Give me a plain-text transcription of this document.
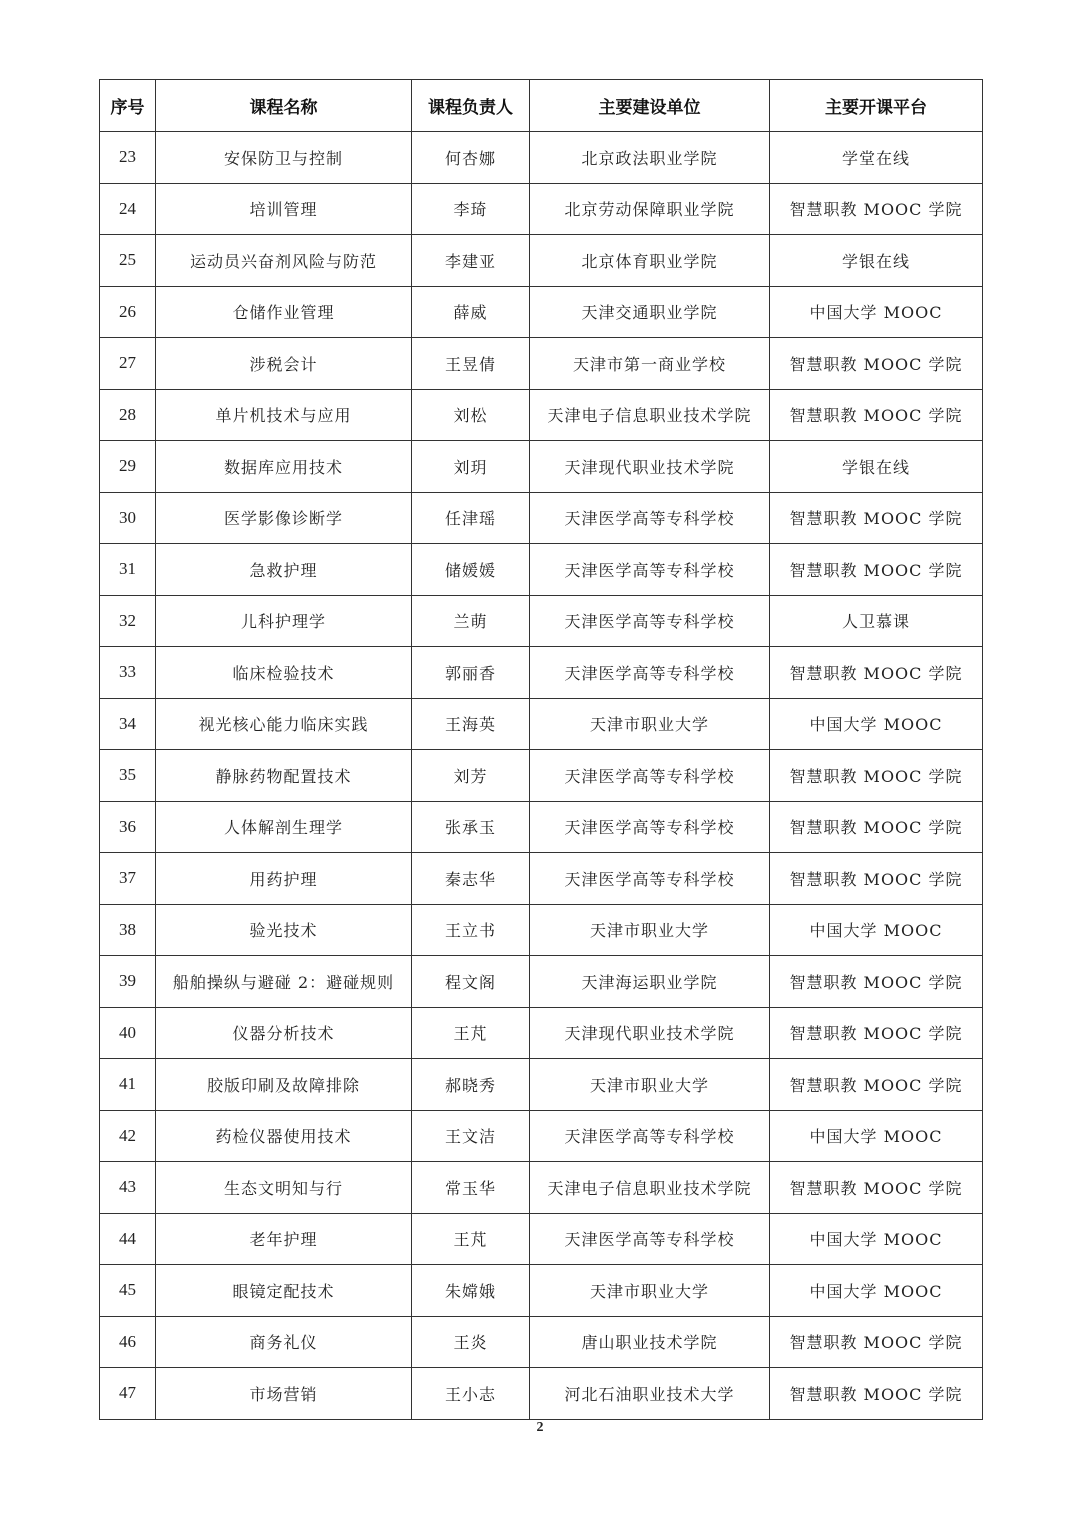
序号	课程名称	课程负责人	主要建设单位	主要开课平台
23	安保防卫与控制	何杏娜	北京政法职业学院	学堂在线
24	培训管理	李琦	北京劳动保障职业学院	智慧职教 MOOC 学院
25	运动员兴奋剂风险与防范	李建亚	北京体育职业学院	学银在线
26	仓储作业管理	薛威	天津交通职业学院	中国大学 MOOC
27	涉税会计	王昱倩	天津市第一商业学校	智慧职教 MOOC 学院
28	单片机技术与应用	刘松	天津电子信息职业技术学院	智慧职教 MOOC 学院
29	数据库应用技术	刘玥	天津现代职业技术学院	学银在线
30	医学影像诊断学	任津瑶	天津医学高等专科学校	智慧职教 MOOC 学院
31	急救护理	储媛媛	天津医学高等专科学校	智慧职教 MOOC 学院
32	儿科护理学	兰萌	天津医学高等专科学校	人卫慕课
33	临床检验技术	郭丽香	天津医学高等专科学校	智慧职教 MOOC 学院
34	视光核心能力临床实践	王海英	天津市职业大学	中国大学 MOOC
35	静脉药物配置技术	刘芳	天津医学高等专科学校	智慧职教 MOOC 学院
36	人体解剖生理学	张承玉	天津医学高等专科学校	智慧职教 MOOC 学院
37	用药护理	秦志华	天津医学高等专科学校	智慧职教 MOOC 学院
38	验光技术	王立书	天津市职业大学	中国大学 MOOC
39	船舶操纵与避碰 2：避碰规则	程文阁	天津海运职业学院	智慧职教 MOOC 学院
40	仪器分析技术	王芃	天津现代职业技术学院	智慧职教 MOOC 学院
41	胶版印刷及故障排除	郝晓秀	天津市职业大学	智慧职教 MOOC 学院
42	药检仪器使用技术	王文洁	天津医学高等专科学校	中国大学 MOOC
43	生态文明知与行	常玉华	天津电子信息职业技术学院	智慧职教 MOOC 学院
44	老年护理	王芃	天津医学高等专科学校	中国大学 MOOC
45	眼镜定配技术	朱嫦娥	天津市职业大学	中国大学 MOOC
46	商务礼仪	王炎	唐山职业技术学院	智慧职教 MOOC 学院
47	市场营销	王小志	河北石油职业技术大学	智慧职教 MOOC 学院
2
